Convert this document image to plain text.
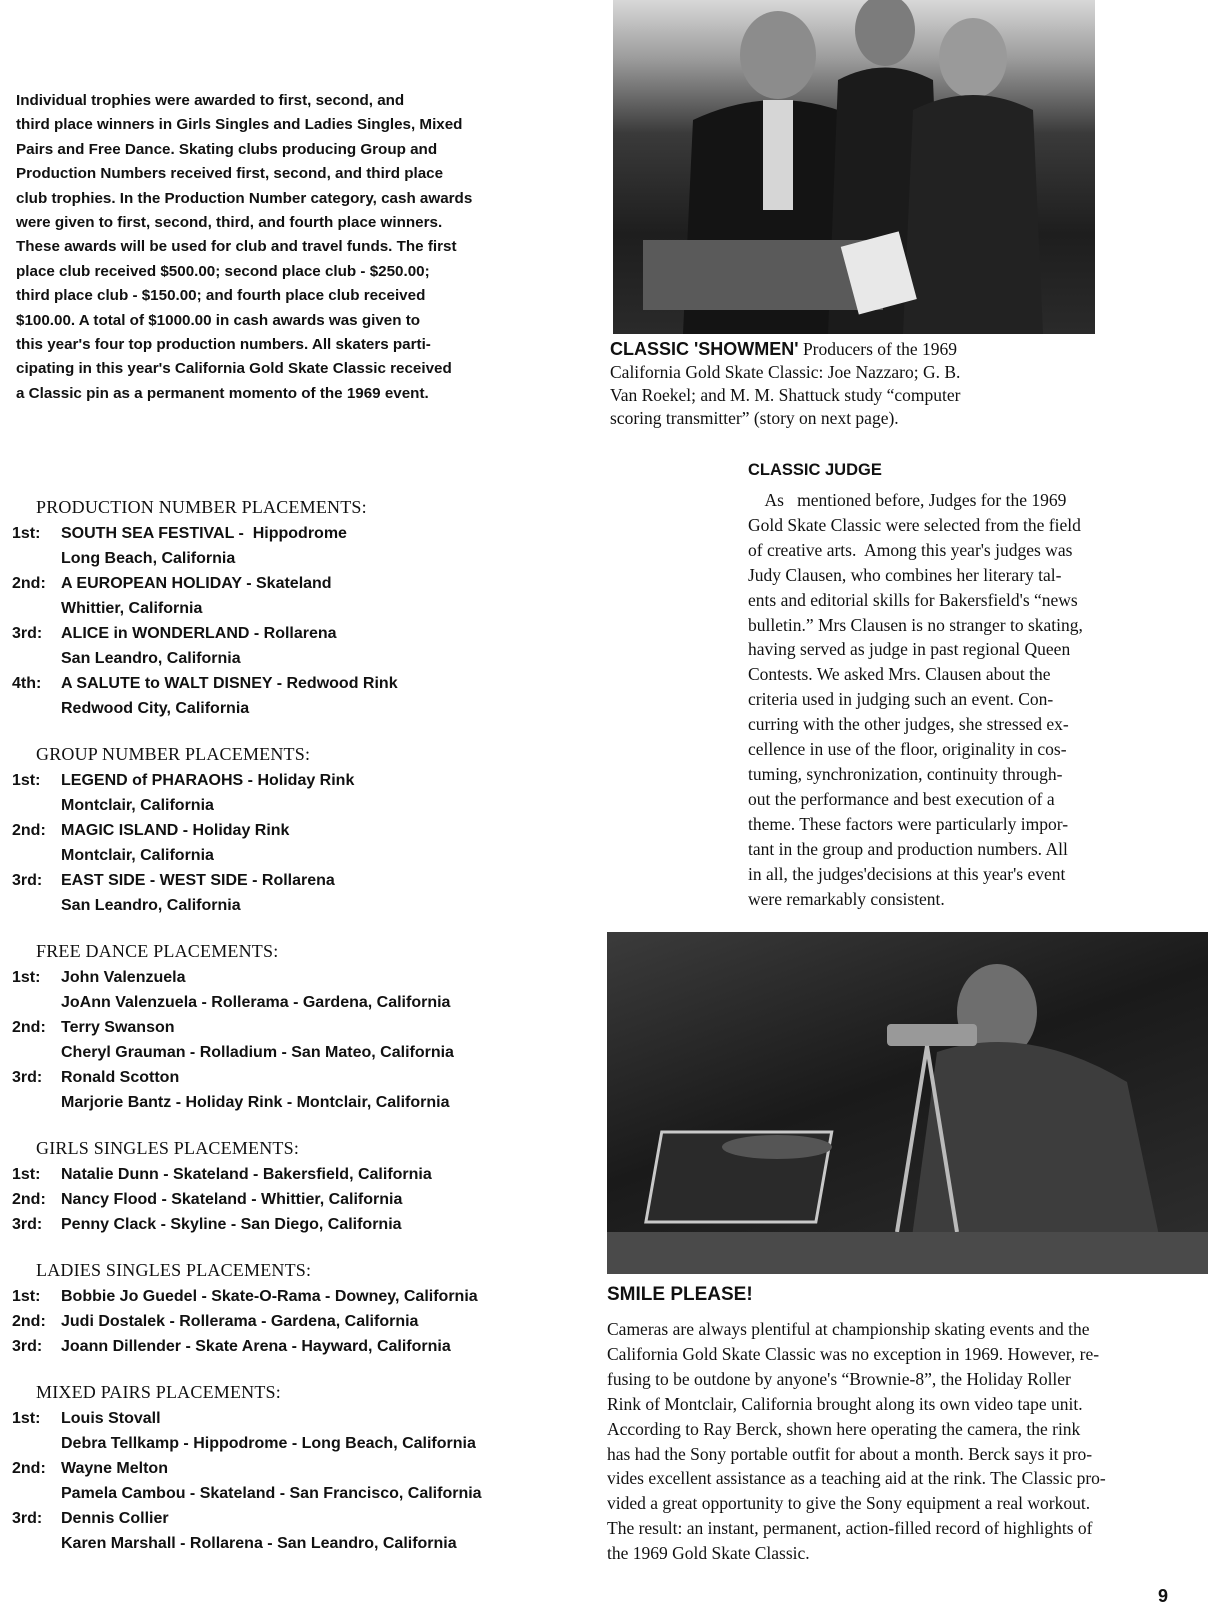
Individual trophies were awarded to first, second, and
third place winners in Girls Singles and Ladies Singles, Mixed
Pairs and Free Dance. Skating clubs producing Group and
Production Numbers received first, second, and third place
club trophies. In the Production Number category, cash awards
were given to first, second, third, and fourth place winners.
These awards will be used for club and travel funds. The first
place club received $500.00; second place club - $250.00;
third place club - $150.00; and fourth place club received
$100.00. A total of $1000.00 in cash awards was given to
this year's four top production numbers. All skaters parti-
cipating in this year's California Gold Skate Classic received
a Classic pin as a permanent momento of the 1969 event.
CLASSIC 'SHOWMEN' Producers of the 1969
California Gold Skate Classic: Joe Nazzaro; G. B.
Van Roekel; and M. M. Shattuck study “computer
scoring transmitter” (story on next page).
CLASSIC JUDGE
As   mentioned before, Judges for the 1969
Gold Skate Classic were selected from the field
of creative arts.  Among this year's judges was
Judy Clausen, who combines her literary tal-
ents and editorial skills for Bakersfield's “news
bulletin.” Mrs Clausen is no stranger to skating,
having served as judge in past regional Queen
Contests. We asked Mrs. Clausen about the
criteria used in judging such an event. Con-
curring with the other judges, she stressed ex-
cellence in use of the floor, originality in cos-
tuming, synchronization, continuity through-
out the performance and best execution of a
theme. These factors were particularly impor-
tant in the group and production numbers. All
in all, the judges'decisions at this year's event
were remarkably consistent.
SMILE PLEASE!
Cameras are always plentiful at championship skating events and the
California Gold Skate Classic was no exception in 1969. However, re-
fusing to be outdone by anyone's “Brownie-8”, the Holiday Roller
Rink of Montclair, California brought along its own video tape unit.
According to Ray Berck, shown here operating the camera, the rink
has had the Sony portable outfit for about a month. Berck says it pro-
vides excellent assistance as a teaching aid at the rink. The Classic pro-
vided a great opportunity to give the Sony equipment a real workout.
The result: an instant, permanent, action-filled record of highlights of
the 1969 Gold Skate Classic.
PRODUCTION NUMBER PLACEMENTS:
1st:	SOUTH SEA FESTIVAL -  Hippodrome
Long Beach, California
2nd: A EUROPEAN HOLIDAY - Skateland
Whittier, California
3rd:	ALICE in WONDERLAND - Rollarena
San Leandro, California
4th:	A SALUTE to WALT DISNEY - Redwood Rink
Redwood City, California
GROUP NUMBER PLACEMENTS:
1st:	LEGEND of PHARAOHS - Holiday Rink
Montclair, California
2nd: MAGIC ISLAND - Holiday Rink
Montclair, California
3rd:	EAST SIDE - WEST SIDE - Rollarena
San Leandro, California
FREE DANCE PLACEMENTS:
1st:	John Valenzuela
JoAnn Valenzuela - Rollerama - Gardena, California
2nd: Terry Swanson
Cheryl Grauman - Rolladium - San Mateo, California
3rd:	Ronald Scotton
Marjorie Bantz - Holiday Rink - Montclair, California
GIRLS SINGLES PLACEMENTS:
1st:	Natalie Dunn - Skateland - Bakersfield, California
2nd: Nancy Flood - Skateland - Whittier, California
3rd:	Penny Clack - Skyline - San Diego, California
LADIES SINGLES PLACEMENTS:
1st:	Bobbie Jo Guedel - Skate-O-Rama - Downey, California
2nd: Judi Dostalek - Rollerama - Gardena, California
3rd:	Joann Dillender - Skate Arena - Hayward, California
MIXED PAIRS PLACEMENTS:
1st:	Louis Stovall
Debra Tellkamp - Hippodrome - Long Beach, California
2nd: Wayne Melton
Pamela Cambou - Skateland - San Francisco, California
3rd:	Dennis Collier
Karen Marshall - Rollarena - San Leandro, California
9
